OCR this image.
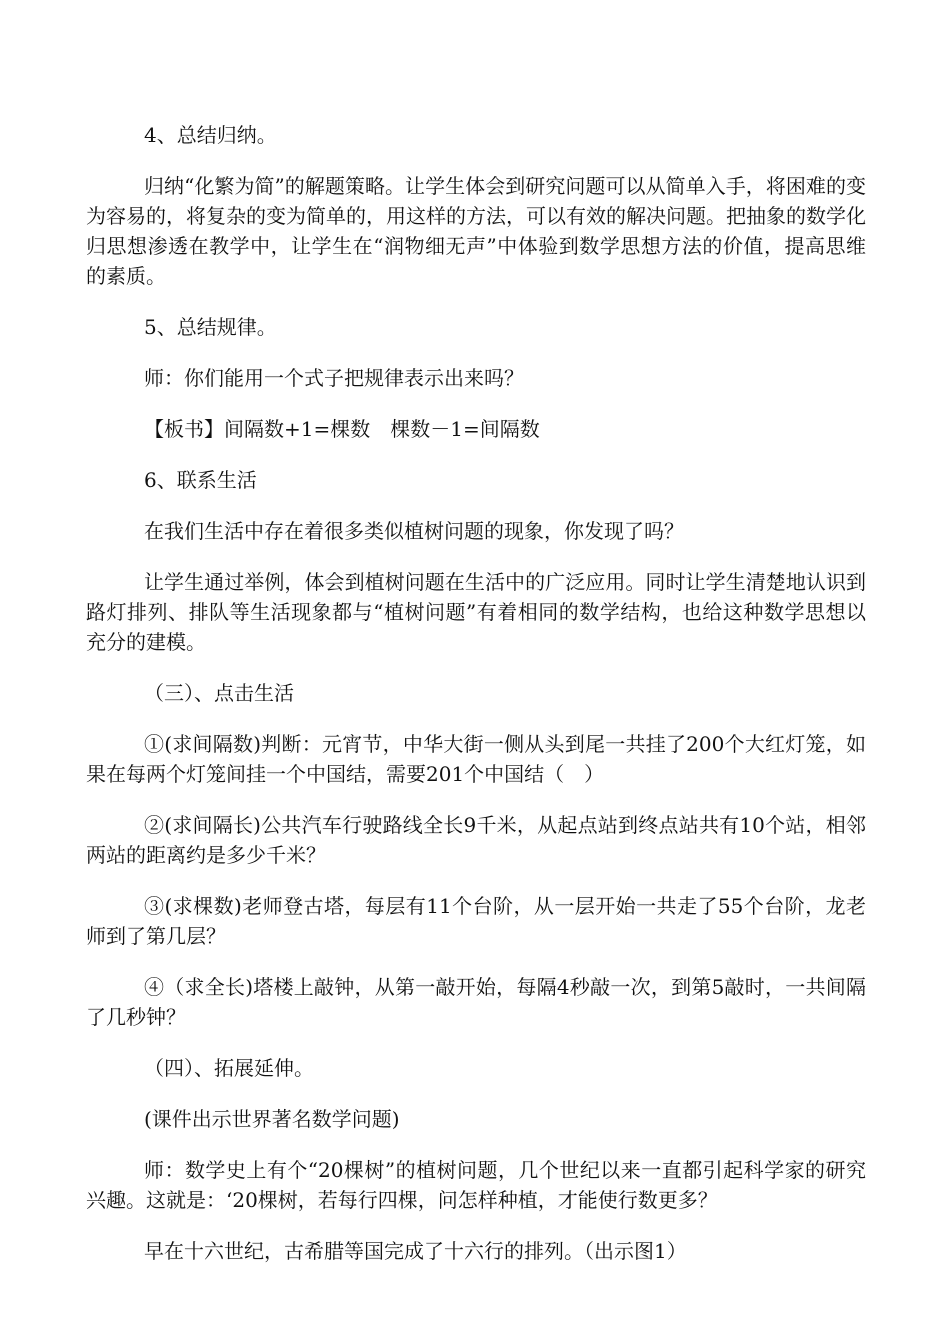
4、总结归纳。

归纳“化繁为简”的解题策略。让学生体会到研究问题可以从简单入手，将困难的变为容易的，将复杂的变为简单的，用这样的方法，可以有效的解决问题。把抽象的数学化归思想渗透在教学中，让学生在“润物细无声”中体验到数学思想方法的价值，提高思维的素质。

5、总结规律。

师：你们能用一个式子把规律表示出来吗？

【板书】间隔数+1=棵数　棵数－1=间隔数

6、联系生活

在我们生活中存在着很多类似植树问题的现象，你发现了吗？

让学生通过举例，体会到植树问题在生活中的广泛应用。同时让学生清楚地认识到路灯排列、排队等生活现象都与“植树问题”有着相同的数学结构，也给这种数学思想以充分的建模。

（三）、点击生活

①(求间隔数)判断：元宵节，中华大街一侧从头到尾一共挂了200个大红灯笼，如果在每两个灯笼间挂一个中国结，需要201个中国结（　）

②(求间隔长)公共汽车行驶路线全长9千米，从起点站到终点站共有10个站，相邻两站的距离约是多少千米？

③(求棵数)老师登古塔，每层有11个台阶，从一层开始一共走了55个台阶，龙老师到了第几层？

④（求全长)塔楼上敲钟，从第一敲开始，每隔4秒敲一次，到第5敲时，一共间隔了几秒钟？

（四）、拓展延伸。

(课件出示世界著名数学问题)

师：数学史上有个“20棵树”的植树问题，几个世纪以来一直都引起科学家的研究兴趣。这就是：‘20棵树，若每行四棵，问怎样种植，才能使行数更多？

早在十六世纪，古希腊等国完成了十六行的排列。（出示图1）
